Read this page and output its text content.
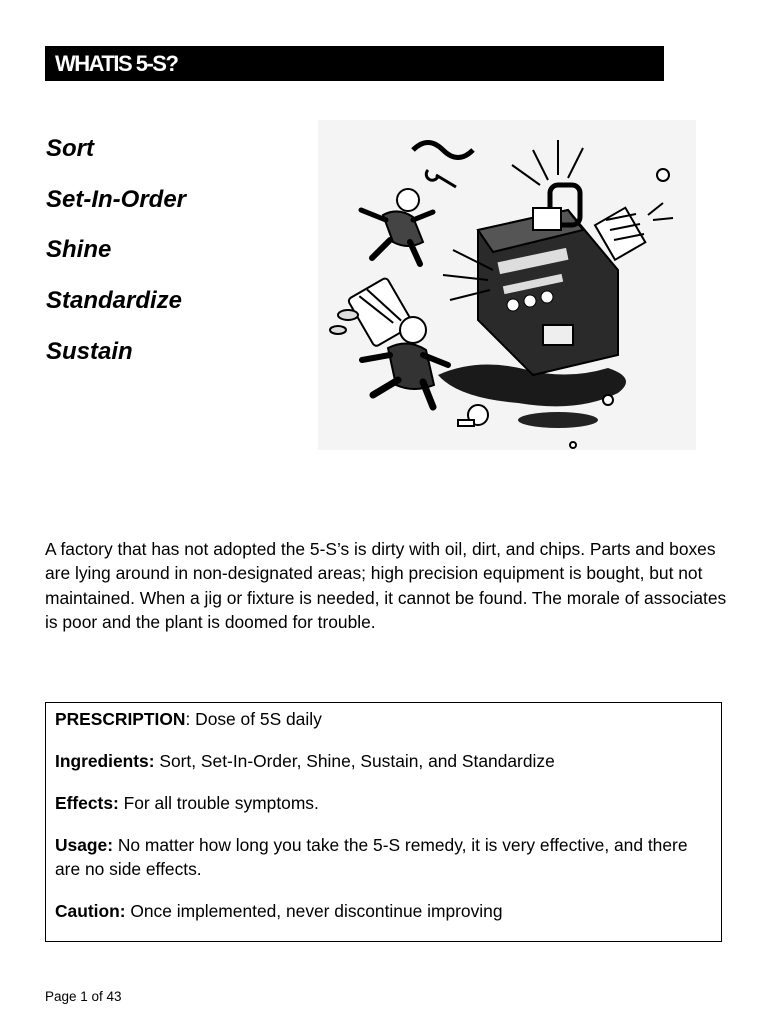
WHATIS 5-S?
Sort
Set-In-Order
Shine
Standardize
Sustain

A factory that has not adopted the 5-S’s is dirty with oil, dirt, and chips. Parts and boxes are lying around in non-designated areas; high precision equipment is bought, but not maintained. When a jig or fixture is needed, it cannot be found. The morale of associates is poor and the plant is doomed for trouble.

PRESCRIPTION: Dose of 5S daily

Ingredients: Sort, Set-In-Order, Shine, Sustain, and Standardize

Effects: For all trouble symptoms.

Usage: No matter how long you take the 5-S remedy, it is very effective, and there are no side effects.

Caution: Once implemented, never discontinue improving

Page 1 of 43
